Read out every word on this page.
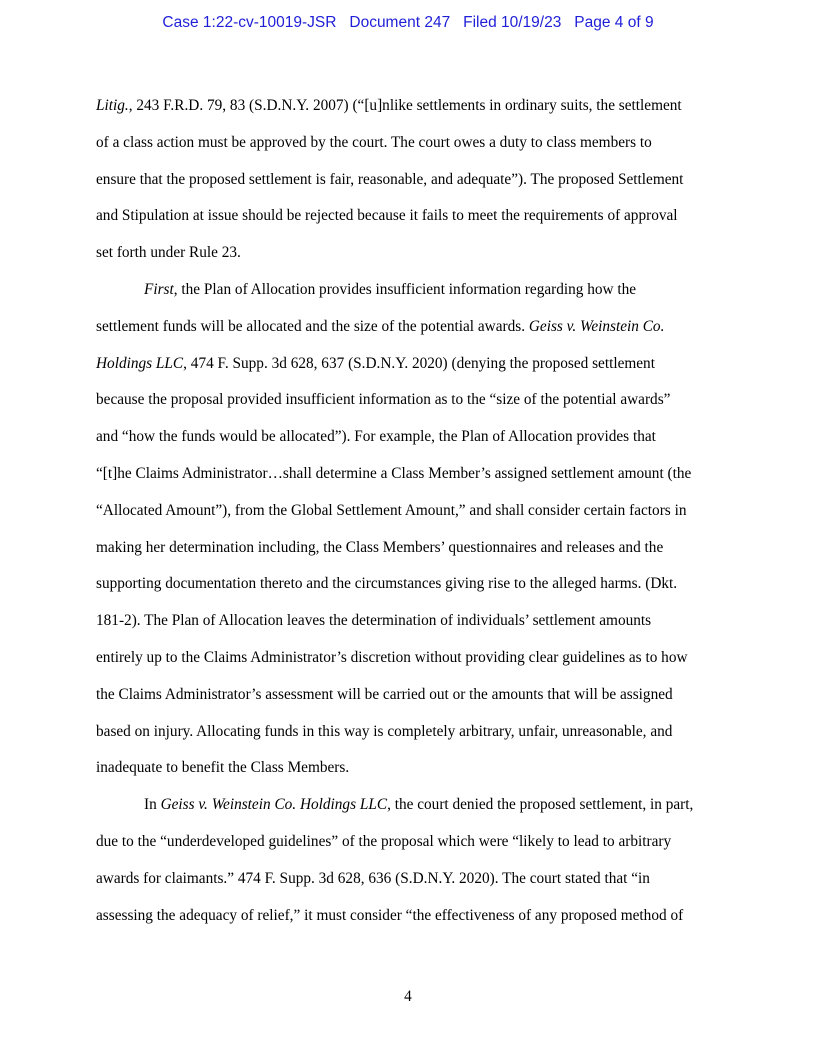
Case 1:22-cv-10019-JSR Document 247 Filed 10/19/23 Page 4 of 9
Litig., 243 F.R.D. 79, 83 (S.D.N.Y. 2007) (“[u]nlike settlements in ordinary suits, the settlement
of a class action must be approved by the court. The court owes a duty to class members to
ensure that the proposed settlement is fair, reasonable, and adequate”). The proposed Settlement
and Stipulation at issue should be rejected because it fails to meet the requirements of approval
set forth under Rule 23.
First, the Plan of Allocation provides insufficient information regarding how the
settlement funds will be allocated and the size of the potential awards. Geiss v. Weinstein Co.
Holdings LLC, 474 F. Supp. 3d 628, 637 (S.D.N.Y. 2020) (denying the proposed settlement
because the proposal provided insufficient information as to the “size of the potential awards”
and “how the funds would be allocated”). For example, the Plan of Allocation provides that
“[t]he Claims Administrator…shall determine a Class Member’s assigned settlement amount (the
“Allocated Amount”), from the Global Settlement Amount,” and shall consider certain factors in
making her determination including, the Class Members’ questionnaires and releases and the
supporting documentation thereto and the circumstances giving rise to the alleged harms. (Dkt.
181-2). The Plan of Allocation leaves the determination of individuals’ settlement amounts
entirely up to the Claims Administrator’s discretion without providing clear guidelines as to how
the Claims Administrator’s assessment will be carried out or the amounts that will be assigned
based on injury. Allocating funds in this way is completely arbitrary, unfair, unreasonable, and
inadequate to benefit the Class Members.
In Geiss v. Weinstein Co. Holdings LLC, the court denied the proposed settlement, in part,
due to the “underdeveloped guidelines” of the proposal which were “likely to lead to arbitrary
awards for claimants.” 474 F. Supp. 3d 628, 636 (S.D.N.Y. 2020). The court stated that “in
assessing the adequacy of relief,” it must consider “the effectiveness of any proposed method of
4
